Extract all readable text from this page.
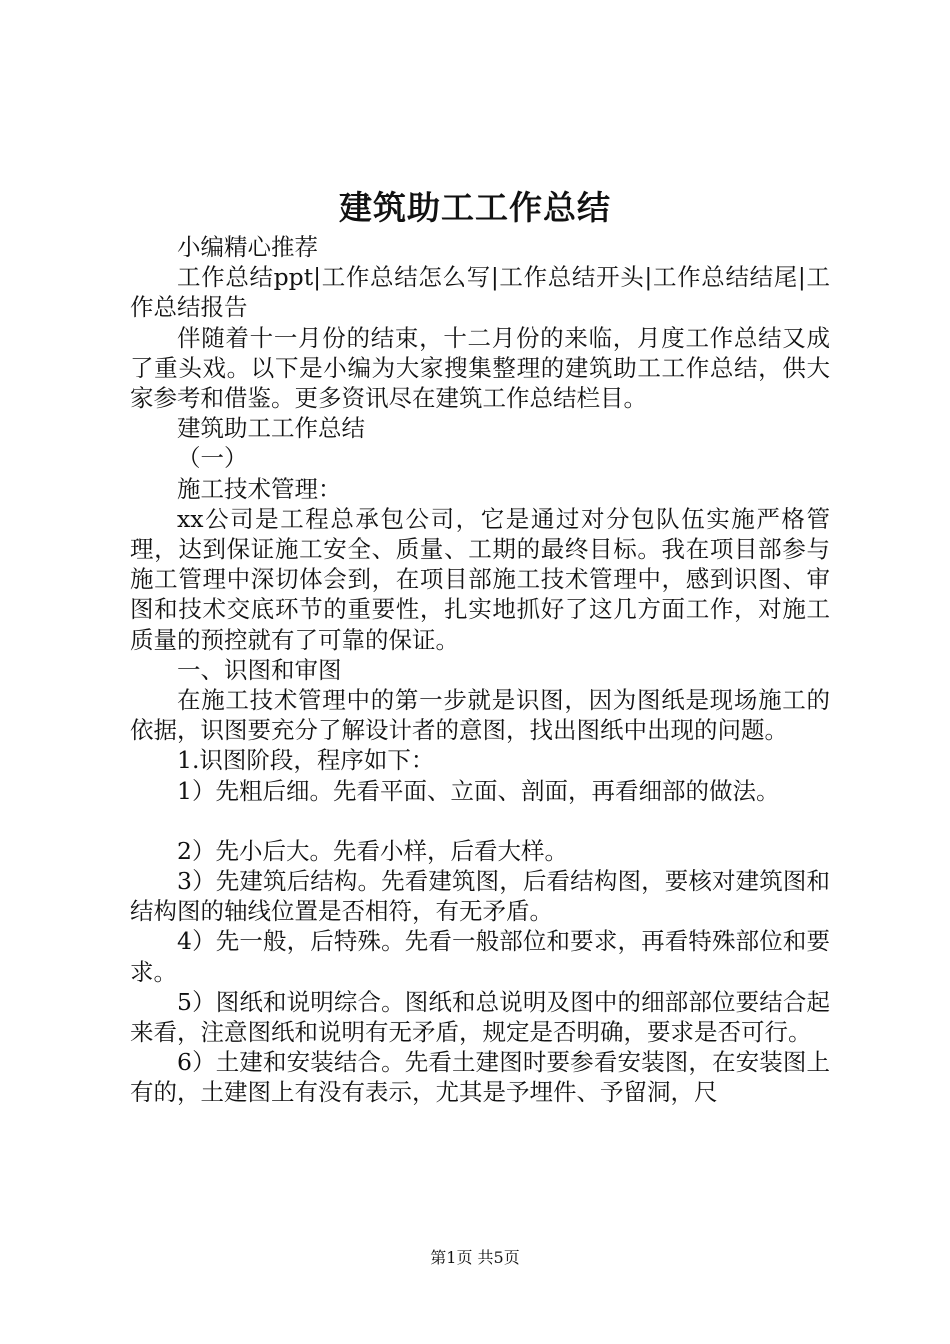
建筑助工工作总结

小编精心推荐

工作总结ppt|工作总结怎么写|工作总结开头|工作总结结尾|工作总结报告

伴随着十一月份的结束，十二月份的来临，月度工作总结又成了重头戏。以下是小编为大家搜集整理的建筑助工工作总结，供大家参考和借鉴。更多资讯尽在建筑工作总结栏目。

建筑助工工作总结

（一）

施工技术管理：

xx公司是工程总承包公司，它是通过对分包队伍实施严格管理，达到保证施工安全、质量、工期的最终目标。我在项目部参与施工管理中深切体会到，在项目部施工技术管理中，感到识图、审图和技术交底环节的重要性，扎实地抓好了这几方面工作，对施工质量的预控就有了可靠的保证。

一、识图和审图

在施工技术管理中的第一步就是识图，因为图纸是现场施工的依据，识图要充分了解设计者的意图，找出图纸中出现的问题。

1.识图阶段，程序如下：

1）先粗后细。先看平面、立面、剖面，再看细部的做法。

2）先小后大。先看小样，后看大样。

3）先建筑后结构。先看建筑图，后看结构图，要核对建筑图和结构图的轴线位置是否相符，有无矛盾。

4）先一般，后特殊。先看一般部位和要求，再看特殊部位和要求。

5）图纸和说明综合。图纸和总说明及图中的细部部位要结合起来看，注意图纸和说明有无矛盾，规定是否明确，要求是否可行。

6）土建和安装结合。先看土建图时要参看安装图，在安装图上有的，土建图上有没有表示，尤其是予埋件、予留洞，尺

第1页 共5页
